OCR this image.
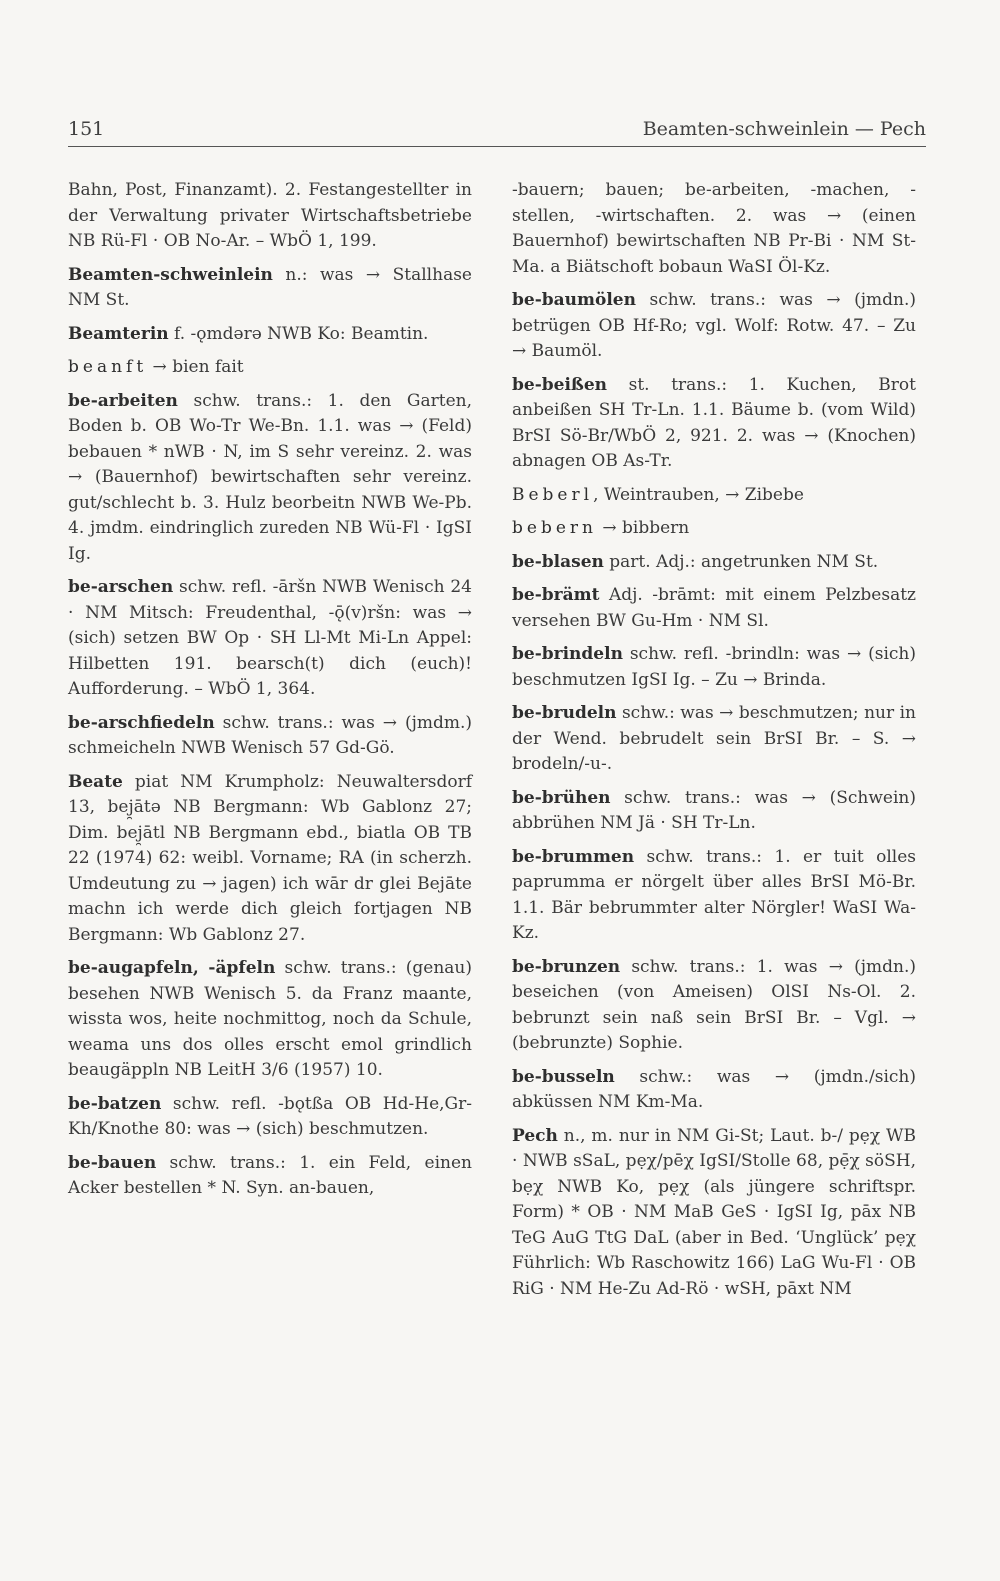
151	Beamten-schweinlein — Pech

Bahn, Post, Finanzamt). 2. Festangestellter in der Verwaltung privater Wirtschaftsbetriebe NB Rü-Fl · OB No-Ar. – WbÖ 1, 199.

Beamten-schweinlein n.: was → Stallhase NM St.

Beamterin f. -ǫmdərə NWB Ko: Beamtin.

beanft → bien fait

be-arbeiten schw. trans.: 1. den Garten, Boden b. OB Wo-Tr We-Bn. 1.1. was → (Feld) bebauen * nWB · N, im S sehr vereinz. 2. was → (Bauernhof) bewirtschaften sehr vereinz. gut/schlecht b. 3. Hulz beorbeitn NWB We-Pb. 4. jmdm. eindringlich zureden NB Wü-Fl · IgSI Ig.

be-arschen schw. refl. -āršn NWB Wenisch 24 · NM Mitsch: Freudenthal, -ǭ(v)ršn: was → (sich) setzen BW Op · SH Ll-Mt Mi-Ln Appel: Hilbetten 191. bearsch(t) dich (euch)! Aufforderung. – WbÖ 1, 364.

be-arschfiedeln schw. trans.: was → (jmdm.) schmeicheln NWB Wenisch 57 Gd-Gö.

Beate piat NM Krumpholz: Neuwaltersdorf 13, bej̯ātə NB Bergmann: Wb Gablonz 27; Dim. bej̯ātl NB Bergmann ebd., biatla OB TB 22 (1974) 62: weibl. Vorname; RA (in scherzh. Umdeutung zu → jagen) ich wār dr glei Bejāte machn ich werde dich gleich fortjagen NB Bergmann: Wb Gablonz 27.

be-augapfeln, -äpfeln schw. trans.: (genau) besehen NWB Wenisch 5. da Franz maante, wissta wos, heite nochmittog, noch da Schule, weama uns dos olles erscht emol grindlich beaugäppln NB LeitH 3/6 (1957) 10.

be-batzen schw. refl. -bǫtßa OB Hd-He,Gr-Kh/Knothe 80: was → (sich) beschmutzen.

be-bauen schw. trans.: 1. ein Feld, einen Acker bestellen * N. Syn. an-bauen,

-bauern; bauen; be-arbeiten, -machen, -stellen, -wirtschaften. 2. was → (einen Bauernhof) bewirtschaften NB Pr-Bi · NM St-Ma. a Biätschoft bobaun WaSI Öl-Kz.

be-baumölen schw. trans.: was → (jmdn.) betrügen OB Hf-Ro; vgl. Wolf: Rotw. 47. – Zu → Baumöl.

be-beißen st. trans.: 1. Kuchen, Brot anbeißen SH Tr-Ln. 1.1. Bäume b. (vom Wild) BrSI Sö-Br/WbÖ 2, 921. 2. was → (Knochen) abnagen OB As-Tr.

Beberl, Weintrauben, → Zibebe

bebern → bibbern

be-blasen part. Adj.: angetrunken NM St.

be-brämt Adj. -brāmt: mit einem Pelzbesatz versehen BW Gu-Hm · NM Sl.

be-brindeln schw. refl. -brindln: was → (sich) beschmutzen IgSI Ig. – Zu → Brinda.

be-brudeln schw.: was → beschmutzen; nur in der Wend. bebrudelt sein BrSI Br. – S. → brodeln/-u-.

be-brühen schw. trans.: was → (Schwein) abbrühen NM Jä · SH Tr-Ln.

be-brummen schw. trans.: 1. er tuit olles paprumma er nörgelt über alles BrSI Mö-Br. 1.1. Bär bebrummter alter Nörgler! WaSI Wa-Kz.

be-brunzen schw. trans.: 1. was → (jmdn.) beseichen (von Ameisen) OlSI Ns-Ol. 2. bebrunzt sein naß sein BrSI Br. – Vgl. → (bebrunzte) Sophie.

be-busseln schw.: was → (jmdn./sich) abküssen NM Km-Ma.

Pech n., m. nur in NM Gi-St; Laut. b-/ pẹχ WB · NWB sSaL, pẹχ/pēχ IgSI/Stolle 68, pẹ̄χ söSH, bẹχ NWB Ko, pẹχ (als jüngere schriftspr. Form) * OB · NM MaB GeS · IgSI Ig, pāx NB TeG AuG TtG DaL (aber in Bed. ‘Unglück’ pẹχ Führlich: Wb Raschowitz 166) LaG Wu-Fl · OB RiG · NM He-Zu Ad-Rö · wSH, pāxt NM
